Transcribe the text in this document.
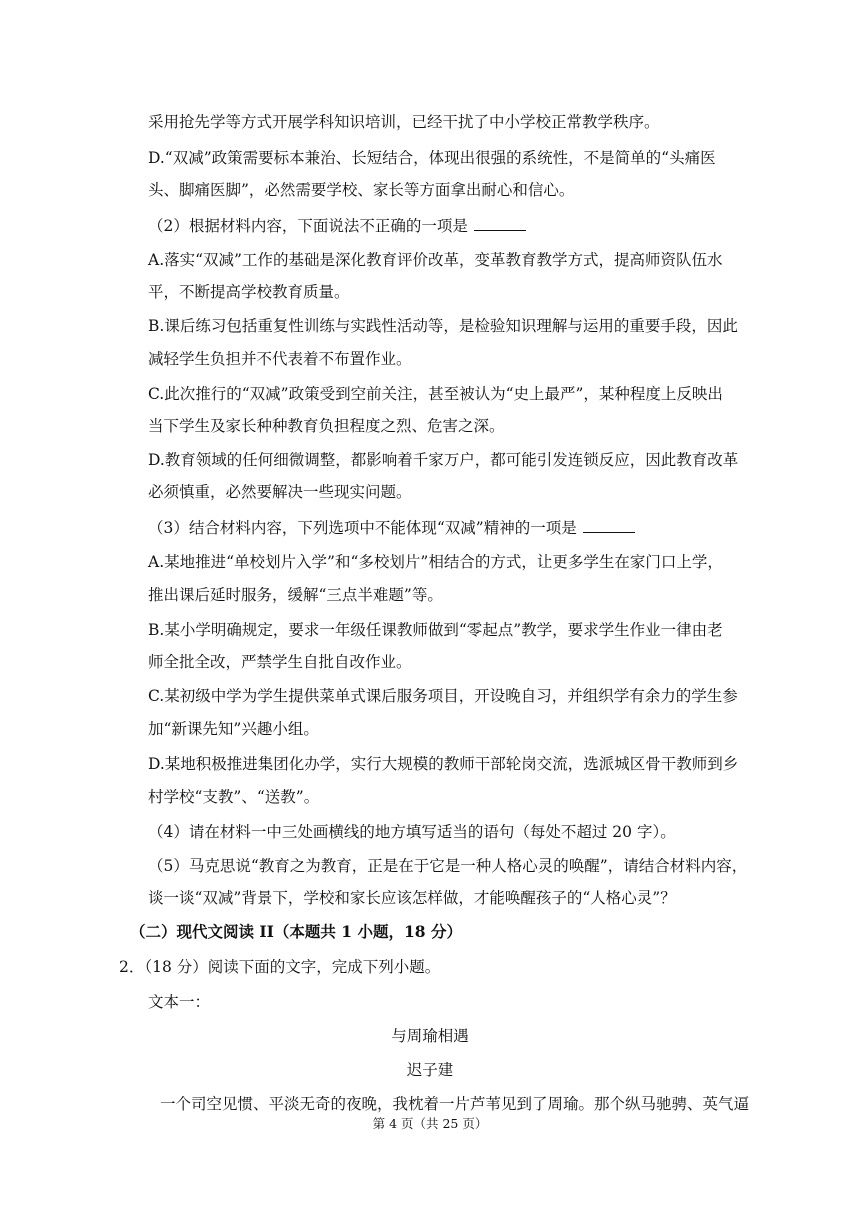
采用抢先学等方式开展学科知识培训，已经干扰了中小学校正常教学秩序。
D.“双减”政策需要标本兼治、长短结合，体现出很强的系统性，不是简单的“头痛医
头、脚痛医脚”，必然需要学校、家长等方面拿出耐心和信心。
（2）根据材料内容，下面说法不正确的一项是
A.落实“双减”工作的基础是深化教育评价改革，变革教育教学方式，提高师资队伍水
平，不断提高学校教育质量。
B.课后练习包括重复性训练与实践性活动等，是检验知识理解与运用的重要手段，因此
减轻学生负担并不代表着不布置作业。
C.此次推行的“双减”政策受到空前关注，甚至被认为“史上最严”，某种程度上反映出
当下学生及家长种种教育负担程度之烈、危害之深。
D.教育领域的任何细微调整，都影响着千家万户，都可能引发连锁反应，因此教育改革
必须慎重，必然要解决一些现实问题。
（3）结合材料内容，下列选项中不能体现“双减”精神的一项是
A.某地推进“单校划片入学”和“多校划片”相结合的方式，让更多学生在家门口上学，
推出课后延时服务，缓解“三点半难题”等。
B.某小学明确规定，要求一年级任课教师做到“零起点”教学，要求学生作业一律由老
师全批全改，严禁学生自批自改作业。
C.某初级中学为学生提供菜单式课后服务项目，开设晚自习，并组织学有余力的学生参
加“新课先知”兴趣小组。
D.某地积极推进集团化办学，实行大规模的教师干部轮岗交流，选派城区骨干教师到乡
村学校“支教”、“送教”。
（4）请在材料一中三处画横线的地方填写适当的语句（每处不超过 20 字）。
（5）马克思说“教育之为教育，正是在于它是一种人格心灵的唤醒”，请结合材料内容，
谈一谈“双减”背景下，学校和家长应该怎样做，才能唤醒孩子的“人格心灵”？
（二）现代文阅读 II（本题共 1 小题，18 分）
2．（18 分）阅读下面的文字，完成下列小题。
文本一：
与周瑜相遇
迟子建
一个司空见惯、平淡无奇的夜晚，我枕着一片芦苇见到了周瑜。那个纵马驰骋、英气逼
第 4 页（共 25 页）
